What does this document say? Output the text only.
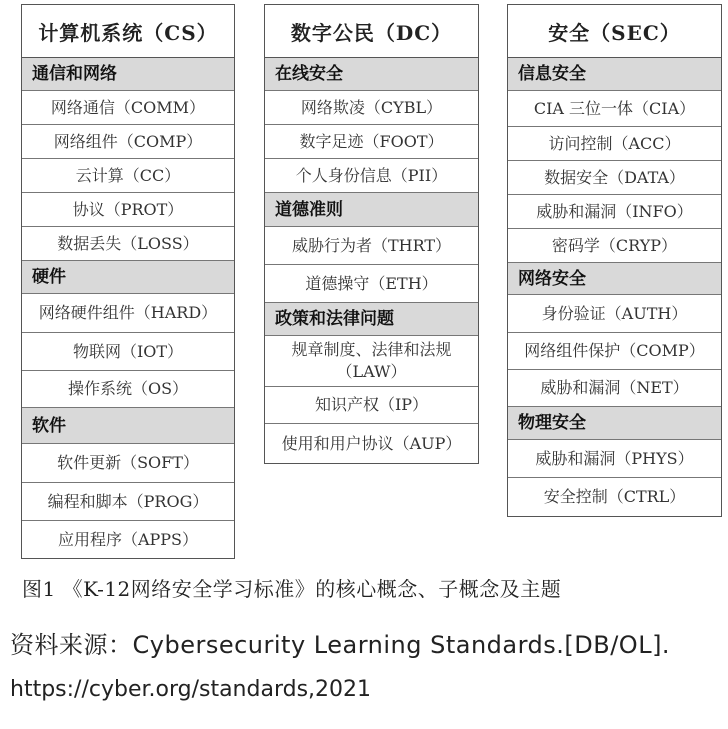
计算机系统（CS）
通信和网络
网络通信（COMM）
网络组件（COMP）
云计算（CC）
协议（PROT）
数据丢失（LOSS）
硬件
网络硬件组件（HARD）
物联网（IOT）
操作系统（OS）
软件
软件更新（SOFT）
编程和脚本（PROG）
应用程序（APPS）
数字公民（DC）
在线安全
网络欺凌（CYBL）
数字足迹（FOOT）
个人身份信息（PII）
道德准则
威胁行为者（THRT）
道德操守（ETH）
政策和法律问题
规章制度、法律和法规（LAW）
知识产权（IP）
使用和用户协议（AUP）
安全（SEC）
信息安全
CIA 三位一体（CIA）
访问控制（ACC）
数据安全（DATA）
威胁和漏洞（INFO）
密码学（CRYP）
网络安全
身份验证（AUTH）
网络组件保护（COMP）
威胁和漏洞（NET）
物理安全
威胁和漏洞（PHYS）
安全控制（CTRL）
图1 《K-12网络安全学习标准》的核心概念、子概念及主题
资料来源：Cybersecurity Learning Standards.[DB/OL].
https://cyber.org/standards,2021
